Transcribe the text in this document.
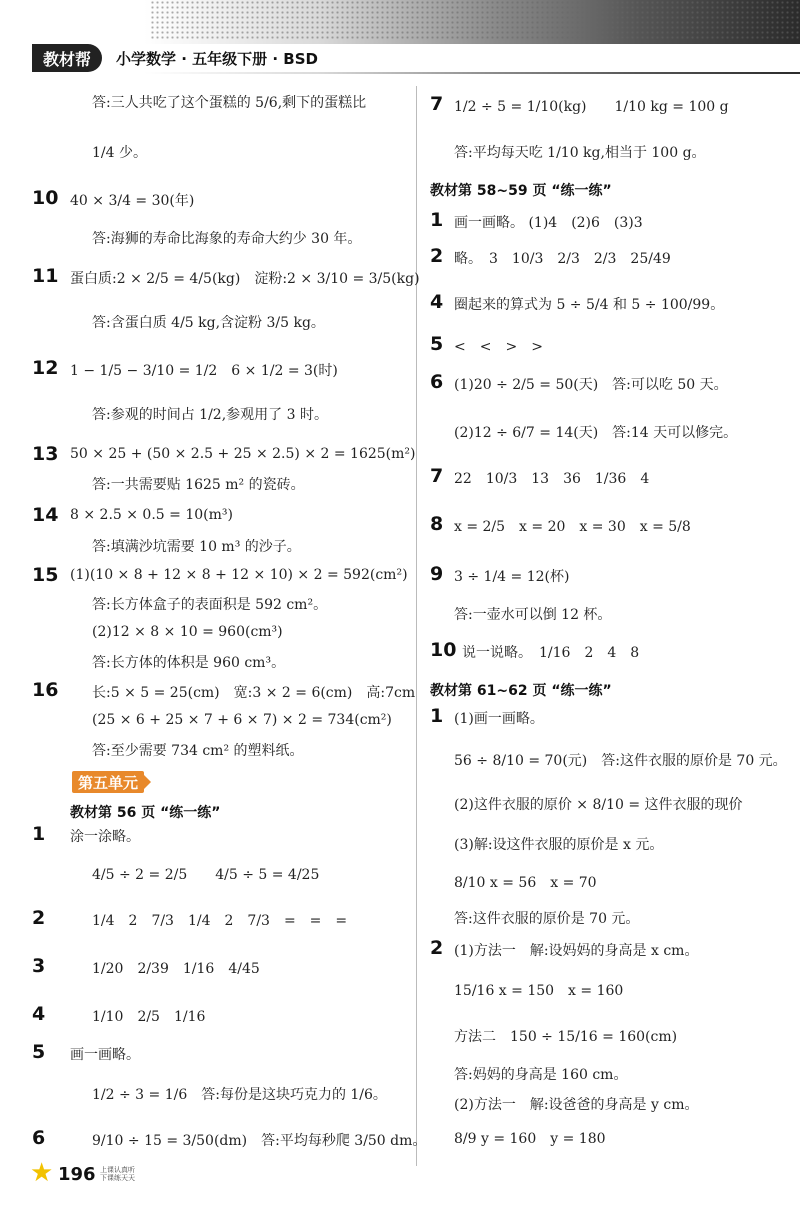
教材帮	小学数学 · 五年级下册 · BSD
答:三人共吃了这个蛋糕的 5/6,剩下的蛋糕比
1/4 少。
10 40 × 3/4 = 30(年)
答:海狮的寿命比海象的寿命大约少 30 年。
11 蛋白质:2 × 2/5 = 4/5(kg)　淀粉:2 × 3/10 = 3/5(kg)
答:含蛋白质 4/5 kg,含淀粉 3/5 kg。
12 1 − 1/5 − 3/10 = 1/2　6 × 1/2 = 3(时)
答:参观的时间占 1/2,参观用了 3 时。
13 50 × 25 + (50 × 2.5 + 25 × 2.5) × 2 = 1625(m²)
答:一共需要贴 1625 m² 的瓷砖。
14 8 × 2.5 × 0.5 = 10(m³)
答:填满沙坑需要 10 m³ 的沙子。
15 (1)(10 × 8 + 12 × 8 + 12 × 10) × 2 = 592(cm²)
答:长方体盒子的表面积是 592 cm²。
(2)12 × 8 × 10 = 960(cm³)
答:长方体的体积是 960 cm³。
16 长:5 × 5 = 25(cm)　宽:3 × 2 = 6(cm)　高:7cm
(25 × 6 + 25 × 7 + 6 × 7) × 2 = 734(cm²)
答:至少需要 734 cm² 的塑料纸。
第五单元
教材第 56 页 “练一练”
1 涂一涂略。
4/5 ÷ 2 = 2/5　　4/5 ÷ 5 = 4/25
2	1/4　2　7/3　1/4　2　7/3　=　=　=
3	1/20　2/39　1/16　4/45
4	1/10　2/5　1/16
5 画一画略。
1/2 ÷ 3 = 1/6　答:每份是这块巧克力的 1/6。
6	9/10 ÷ 15 = 3/50(dm)　答:平均每秒爬 3/50 dm。
7 1/2 ÷ 5 = 1/10(kg)　　1/10 kg = 100 g
答:平均每天吃 1/10 kg,相当于 100 g。
教材第 58~59 页 “练一练”
1 画一画略。 (1)4　(2)6　(3)3
2 略。　3　10/3　2/3　2/3　25/49
4 圈起来的算式为 5 ÷ 5/4 和 5 ÷ 100/99。
5 <　<　>　>
6 (1)20 ÷ 2/5 = 50(天)　答:可以吃 50 天。
(2)12 ÷ 6/7 = 14(天)　答:14 天可以修完。
7 22　10/3　13　36　1/36　4
8 x = 2/5　x = 20　x = 30　x = 5/8
9 3 ÷ 1/4 = 12(杯)
答:一壶水可以倒 12 杯。
10 说一说略。　1/16　2　4　8
教材第 61~62 页 “练一练”
1 (1)画一画略。
56 ÷ 8/10 = 70(元)　答:这件衣服的原价是 70 元。
(2)这件衣服的原价 × 8/10 = 这件衣服的现价
(3)解:设这件衣服的原价是 x 元。
8/10 x = 56　x = 70
答:这件衣服的原价是 70 元。
2 (1)方法一　解:设妈妈的身高是 x cm。
15/16 x = 150　x = 160
方法二　150 ÷ 15/16 = 160(cm)
答:妈妈的身高是 160 cm。
(2)方法一　解:设爸爸的身高是 y cm。
8/9 y = 160　y = 180
★ 196 上课认真听
下课练天天
